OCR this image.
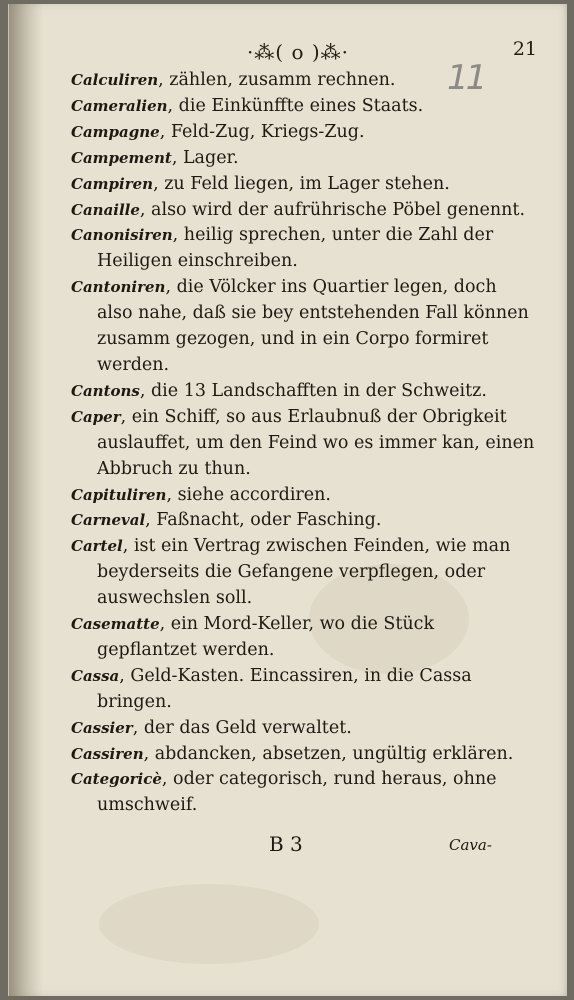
·⁂( o )⁂·	21
11

Calculiren, zählen, zusamm rechnen.

Cameralien, die Einkünffte eines Staats.

Campagne, Feld-Zug, Kriegs-Zug.

Campement, Lager.

Campiren, zu Feld liegen, im Lager stehen.

Canaille, also wird der aufrührische Pöbel genennt.

Canonisiren, heilig sprechen, unter die Zahl der Heiligen einschreiben.

Cantoniren, die Völcker ins Quartier legen, doch also nahe, daß sie bey entstehenden Fall können zusamm gezogen, und in ein Corpo formiret werden.

Cantons, die 13 Landschafften in der Schweitz.

Caper, ein Schiff, so aus Erlaubnuß der Obrigkeit auslauffet, um den Feind wo es immer kan, einen Abbruch zu thun.

Capituliren, siehe accordiren.

Carneval, Faßnacht, oder Fasching.

Cartel, ist ein Vertrag zwischen Feinden, wie man beyderseits die Gefangene verpflegen, oder auswechslen soll.

Casematte, ein Mord-Keller, wo die Stück gepflantzet werden.

Cassa, Geld-Kasten. Eincassiren, in die Cassa bringen.

Cassier, der das Geld verwaltet.

Cassiren, abdancken, absetzen, ungültig erklären.

Categoricè, oder categorisch, rund heraus, ohne umschweif.

B 3	Cava-
